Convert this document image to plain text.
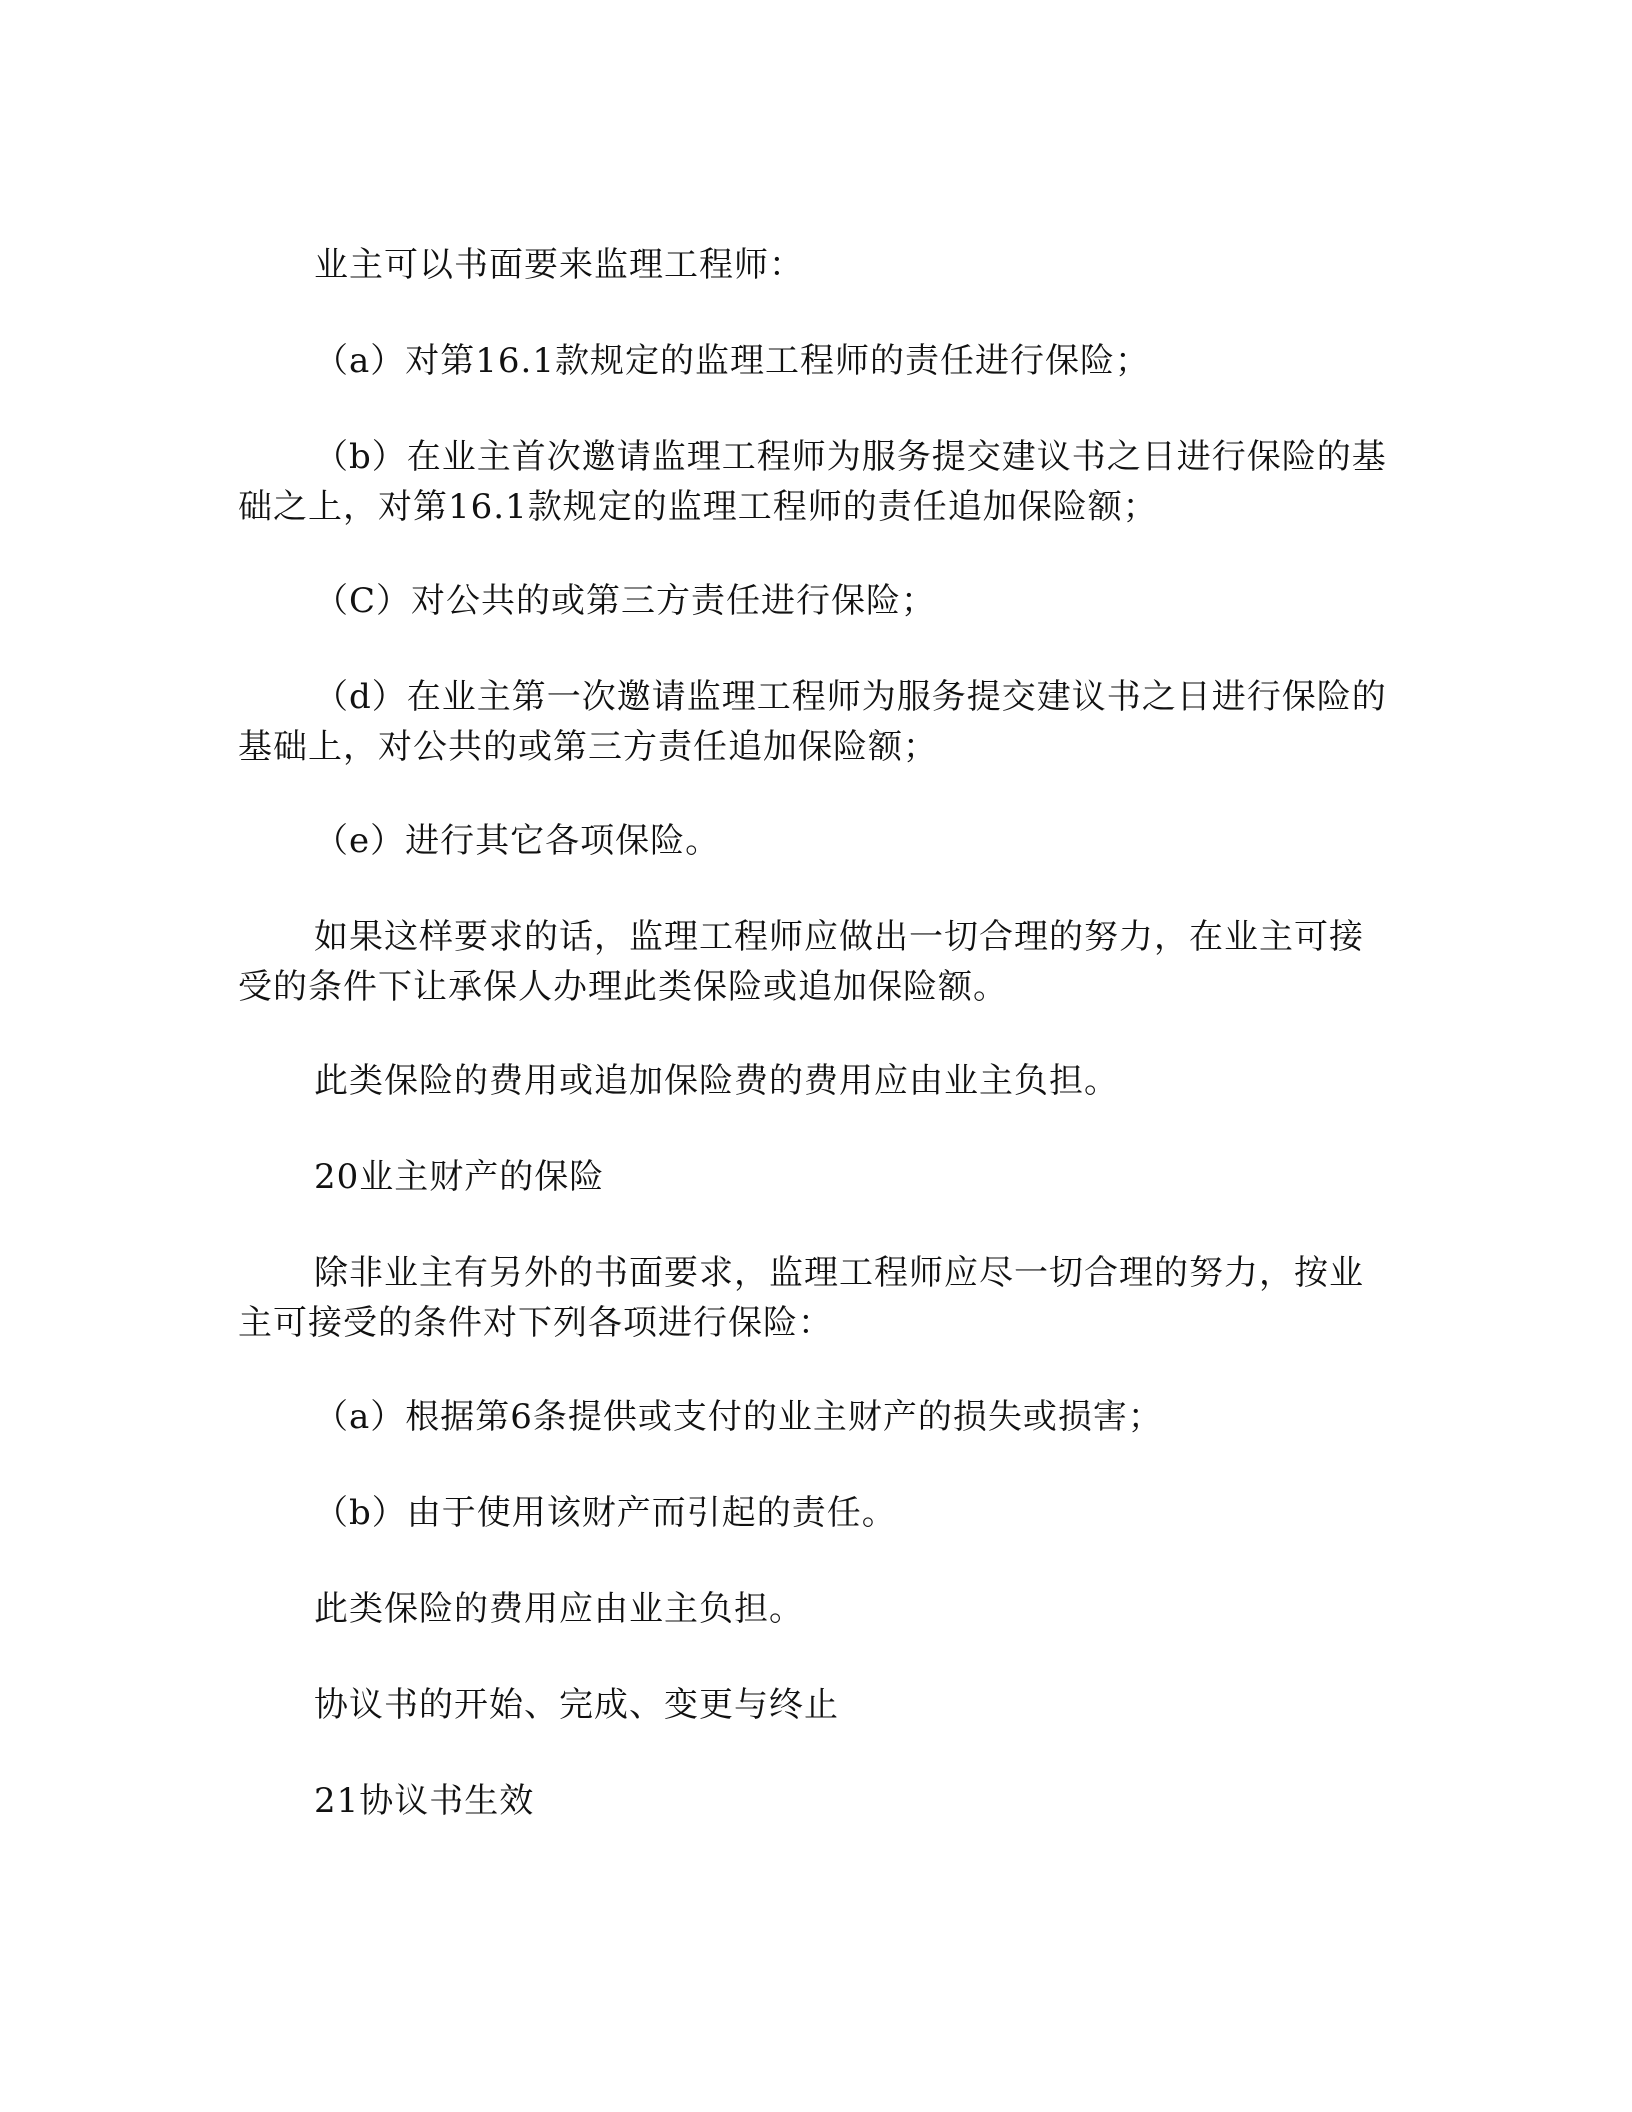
业主可以书面要来监理工程师：

（a）对第16.1款规定的监理工程师的责任进行保险；

（b）在业主首次邀请监理工程师为服务提交建议书之日进行保险的基础之上，对第16.1款规定的监理工程师的责任追加保险额；

（C）对公共的或第三方责任进行保险；

（d）在业主第一次邀请监理工程师为服务提交建议书之日进行保险的基础上，对公共的或第三方责任追加保险额；

（e）进行其它各项保险。

如果这样要求的话，监理工程师应做出一切合理的努力，在业主可接受的条件下让承保人办理此类保险或追加保险额。

此类保险的费用或追加保险费的费用应由业主负担。

20业主财产的保险

除非业主有另外的书面要求，监理工程师应尽一切合理的努力，按业主可接受的条件对下列各项进行保险：

（a）根据第6条提供或支付的业主财产的损失或损害；

（b）由于使用该财产而引起的责任。

此类保险的费用应由业主负担。

协议书的开始、完成、变更与终止

21协议书生效
